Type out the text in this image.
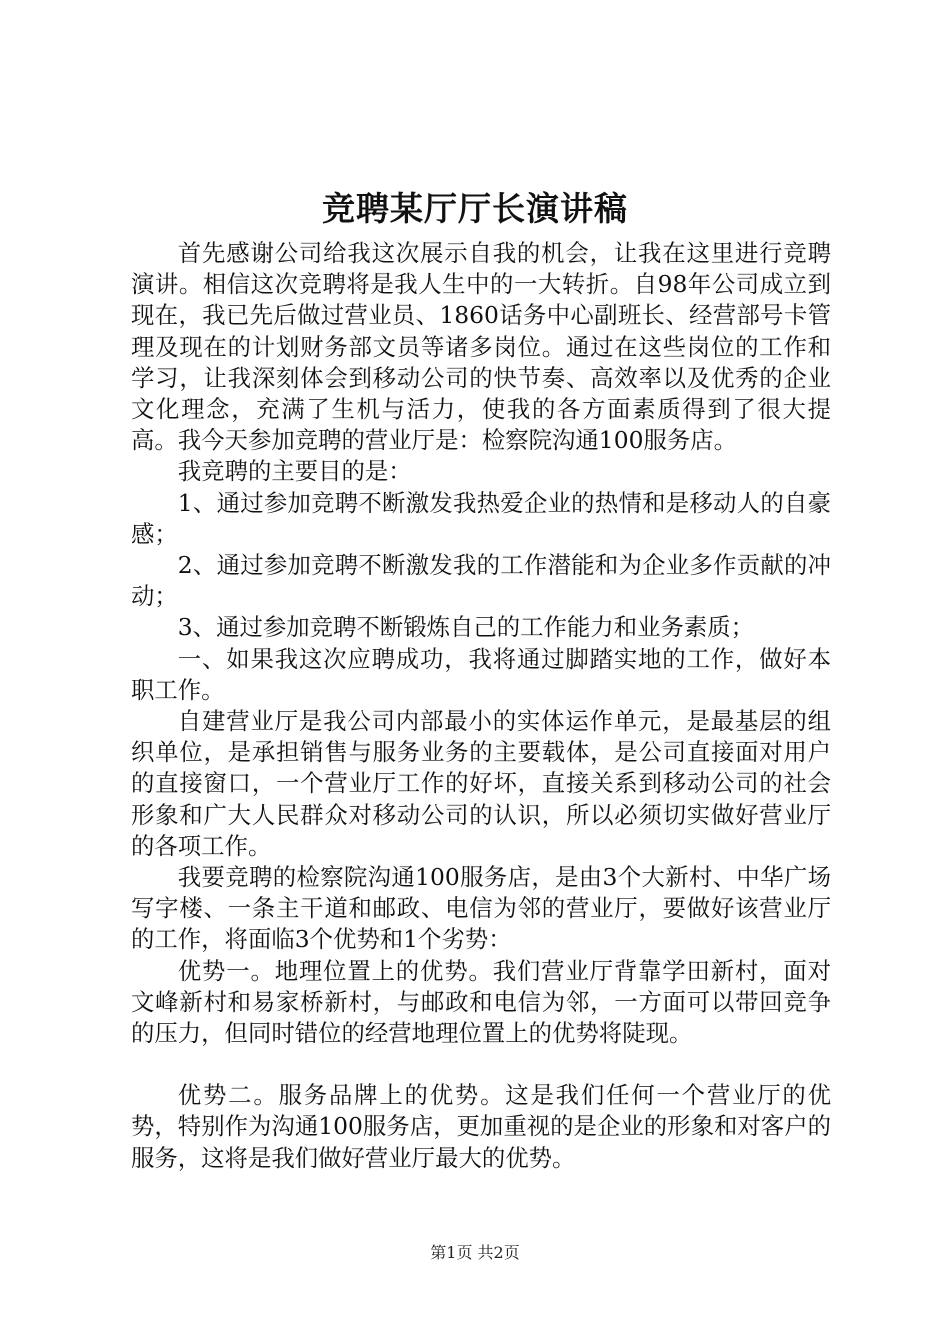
竞聘某厅厅长演讲稿

首先感谢公司给我这次展示自我的机会，让我在这里进行竞聘演讲。相信这次竞聘将是我人生中的一大转折。自98年公司成立到现在，我已先后做过营业员、1860话务中心副班长、经营部号卡管理及现在的计划财务部文员等诸多岗位。通过在这些岗位的工作和学习，让我深刻体会到移动公司的快节奏、高效率以及优秀的企业文化理念，充满了生机与活力，使我的各方面素质得到了很大提高。我今天参加竞聘的营业厅是：检察院沟通100服务店。

我竞聘的主要目的是：

1、通过参加竞聘不断激发我热爱企业的热情和是移动人的自豪感；

2、通过参加竞聘不断激发我的工作潜能和为企业多作贡献的冲动；

3、通过参加竞聘不断锻炼自己的工作能力和业务素质；

一、如果我这次应聘成功，我将通过脚踏实地的工作，做好本职工作。

自建营业厅是我公司内部最小的实体运作单元，是最基层的组织单位，是承担销售与服务业务的主要载体，是公司直接面对用户的直接窗口，一个营业厅工作的好坏，直接关系到移动公司的社会形象和广大人民群众对移动公司的认识，所以必须切实做好营业厅的各项工作。

我要竞聘的检察院沟通100服务店，是由3个大新村、中华广场写字楼、一条主干道和邮政、电信为邻的营业厅，要做好该营业厅的工作，将面临3个优势和1个劣势：

优势一。地理位置上的优势。我们营业厅背靠学田新村，面对文峰新村和易家桥新村，与邮政和电信为邻，一方面可以带回竞争的压力，但同时错位的经营地理位置上的优势将陡现。

优势二。服务品牌上的优势。这是我们任何一个营业厅的优势，特别作为沟通100服务店，更加重视的是企业的形象和对客户的服务，这将是我们做好营业厅最大的优势。

第1页 共2页
